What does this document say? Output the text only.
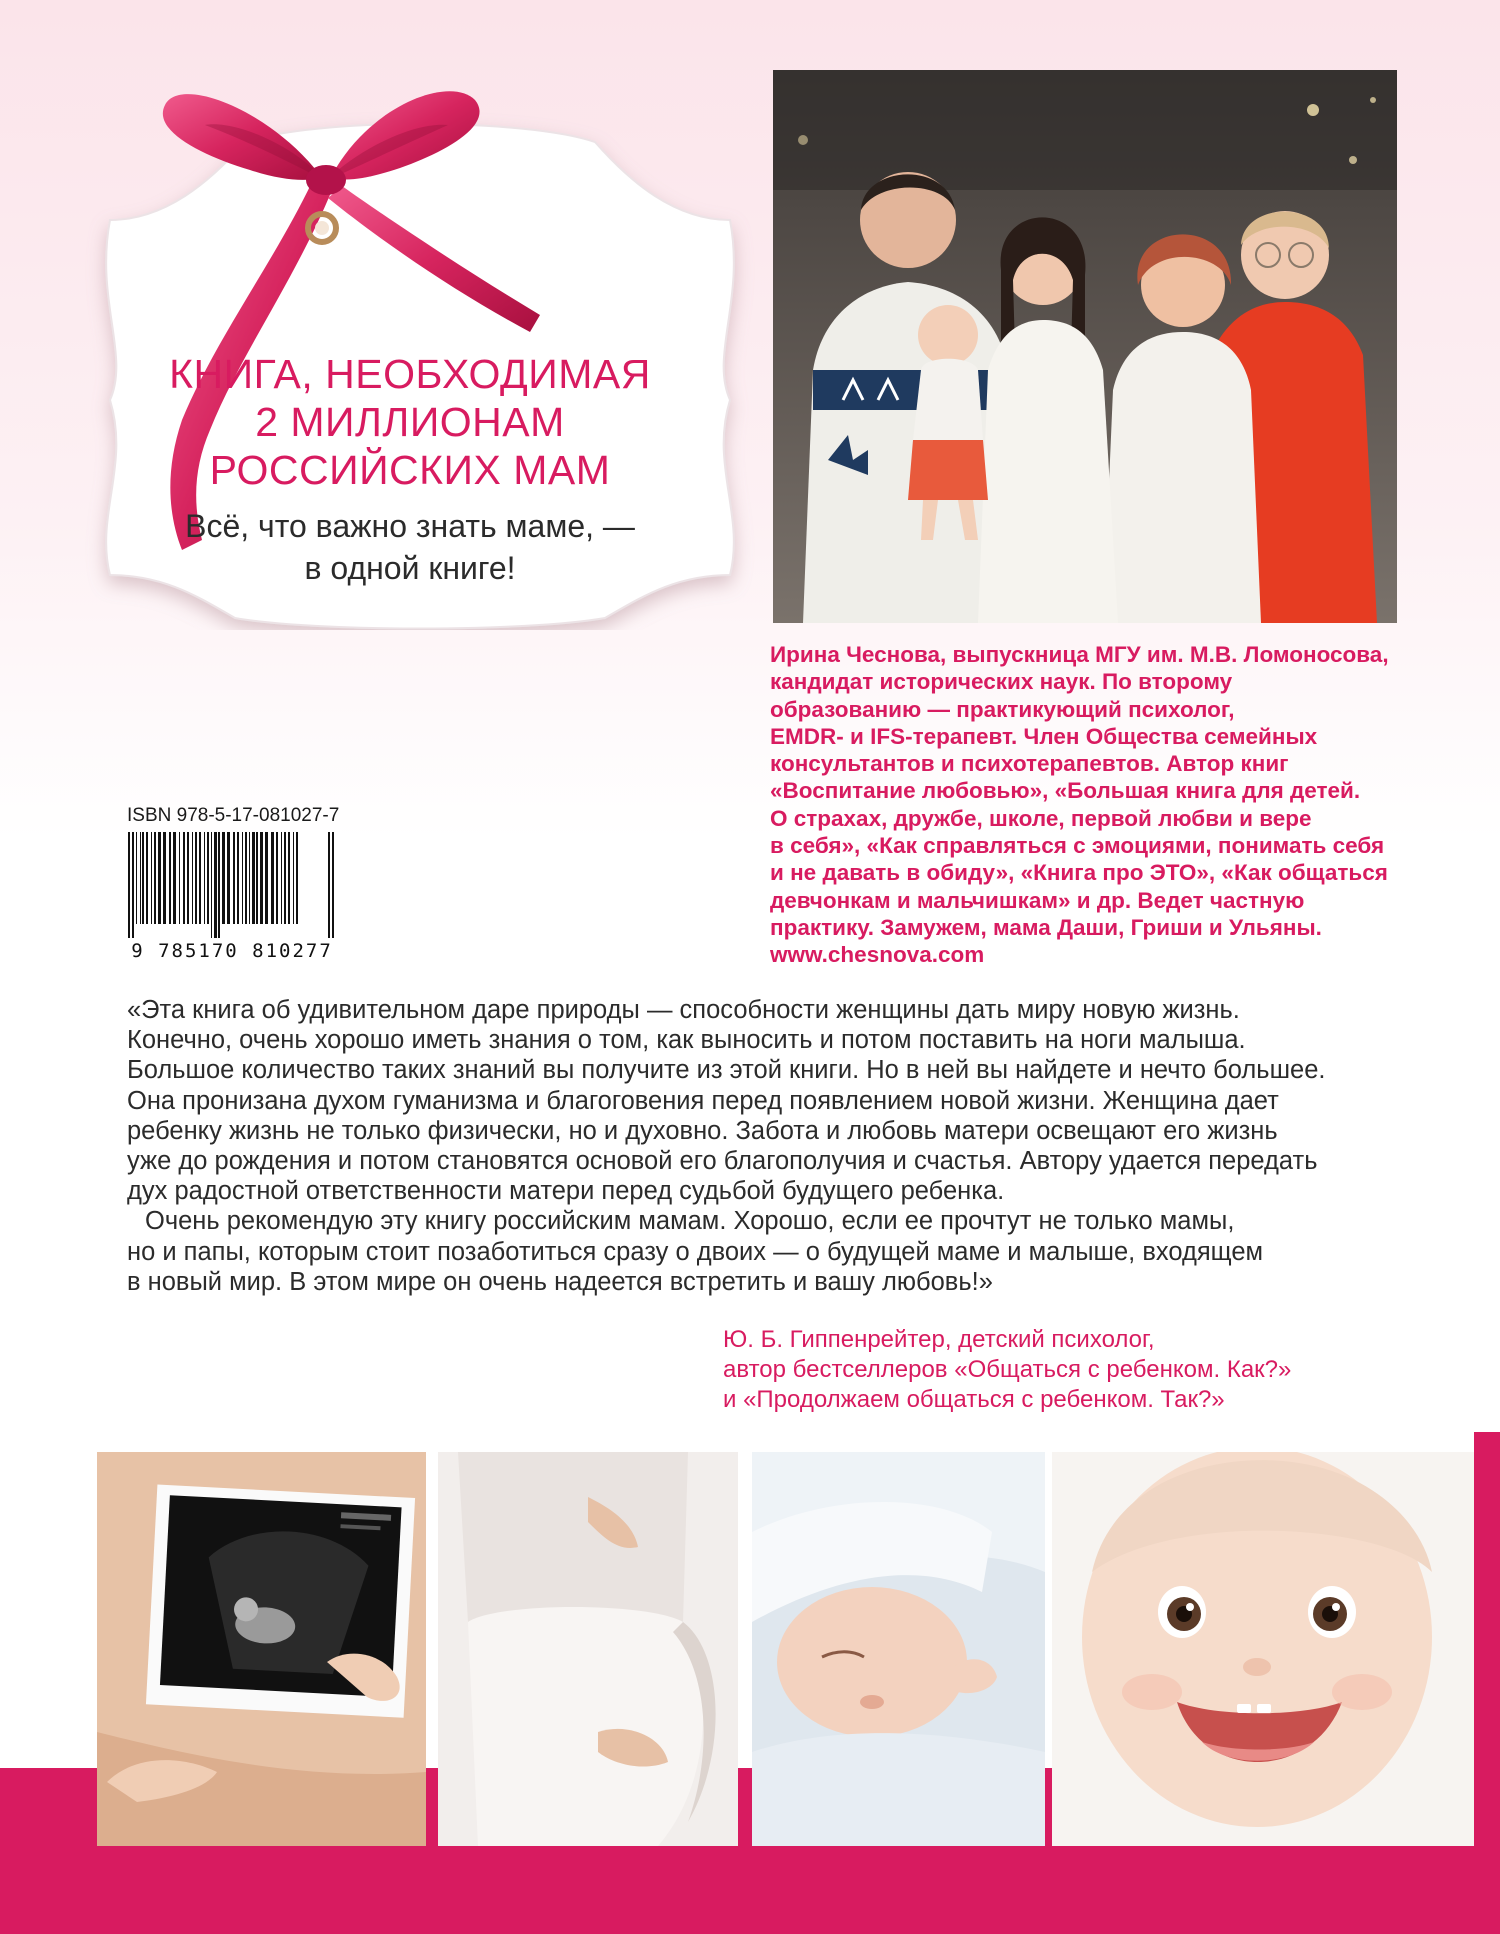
КНИГА, НЕОБХОДИМАЯ
2 МИЛЛИОНАМ
РОССИЙСКИХ МАМ
Всё, что важно знать маме, —
в одной книге!
Ирина Чеснова, выпускница МГУ им. М.В. Ломоносова,
кандидат исторических наук. По второму
образованию — практикующий психолог,
EMDR- и IFS-терапевт. Член Общества семейных
консультантов и психотерапевтов. Автор книг
«Воспитание любовью», «Большая книга для детей.
О страхах, дружбе, школе, первой любви и вере
в себя», «Как справляться с эмоциями, понимать себя
и не давать в обиду», «Книга про ЭТО», «Как общаться
девчонкам и мальчишкам» и др. Ведет частную
практику. Замужем, мама Даши, Гриши и Ульяны.
www.chesnova.com
ISBN 978-5-17-081027-7
9 785170 810277
«Эта книга об удивительном даре природы — способности женщины дать миру новую жизнь.
Конечно, очень хорошо иметь знания о том, как выносить и потом поставить на ноги малыша.
Большое количество таких знаний вы получите из этой книги. Но в ней вы найдете и нечто большее.
Она пронизана духом гуманизма и благоговения перед появлением новой жизни. Женщина дает
ребенку жизнь не только физически, но и духовно. Забота и любовь матери освещают его жизнь
уже до рождения и потом становятся основой его благополучия и счастья. Автору удается передать
дух радостной ответственности матери перед судьбой будущего ребенка.
Очень рекомендую эту книгу российским мамам. Хорошо, если ее прочтут не только мамы,
но и папы, которым стоит позаботиться сразу о двоих — о будущей маме и малыше, входящем
в новый мир. В этом мире он очень надеется встретить и вашу любовь!»
Ю. Б. Гиппенрейтер, детский психолог,
автор бестселлеров «Общаться с ребенком. Как?»
и «Продолжаем общаться с ребенком. Так?»
